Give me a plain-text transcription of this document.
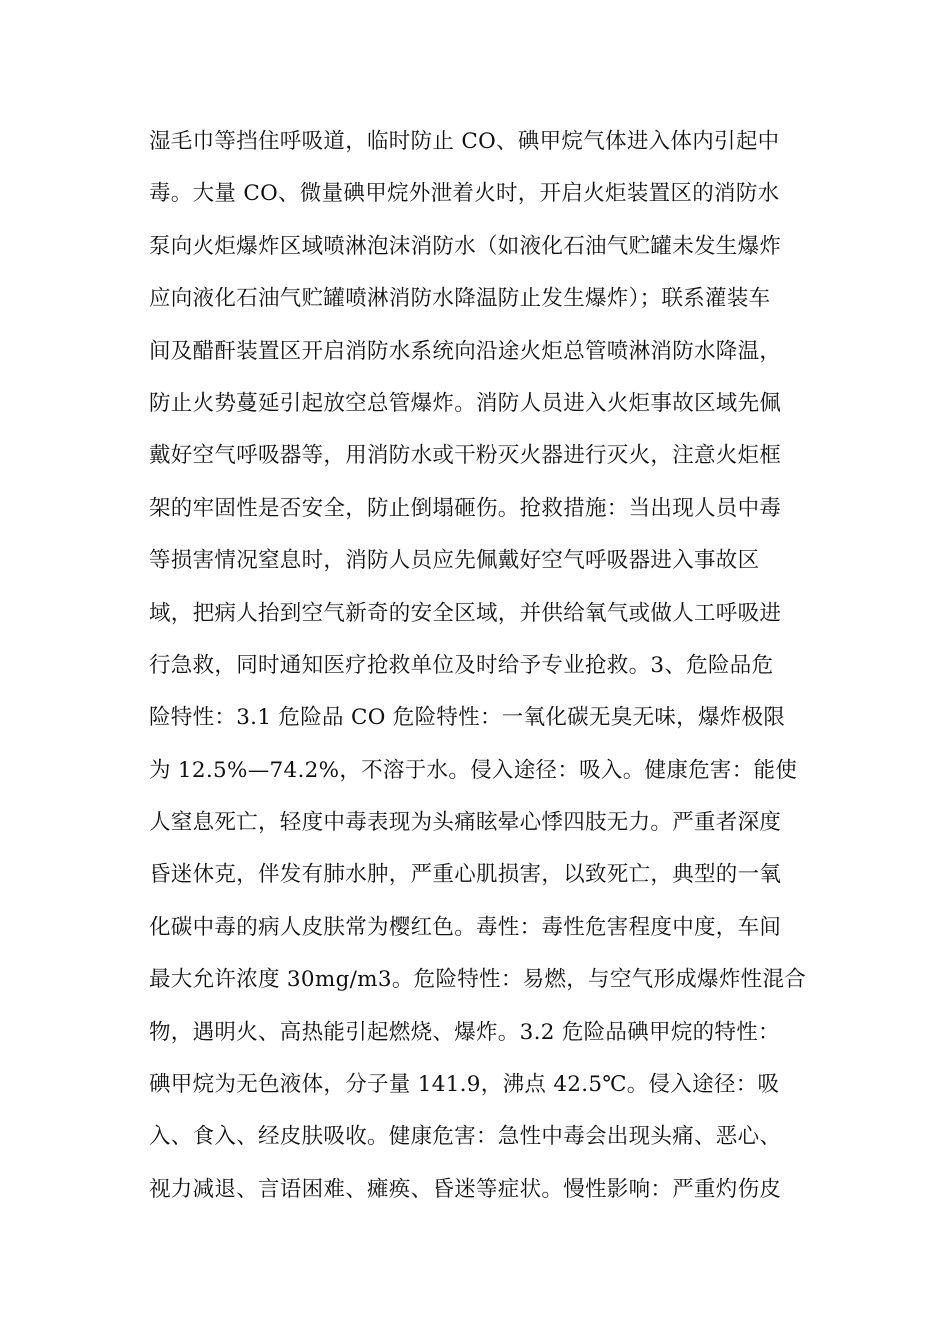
湿毛巾等挡住呼吸道，临时防止 CO、碘甲烷气体进入体内引起中
毒。大量 CO、微量碘甲烷外泄着火时，开启火炬装置区的消防水
泵向火炬爆炸区域喷淋泡沫消防水（如液化石油气贮罐未发生爆炸
应向液化石油气贮罐喷淋消防水降温防止发生爆炸）；联系灌装车
间及醋酐装置区开启消防水系统向沿途火炬总管喷淋消防水降温，
防止火势蔓延引起放空总管爆炸。消防人员进入火炬事故区域先佩
戴好空气呼吸器等，用消防水或干粉灭火器进行灭火，注意火炬框
架的牢固性是否安全，防止倒塌砸伤。抢救措施：当出现人员中毒
等损害情况窒息时，消防人员应先佩戴好空气呼吸器进入事故区
域，把病人抬到空气新奇的安全区域，并供给氧气或做人工呼吸进
行急救，同时通知医疗抢救单位及时给予专业抢救。3、危险品危
险特性：3.1 危险品 CO 危险特性：一氧化碳无臭无味，爆炸极限
为 12.5%—74.2%，不溶于水。侵入途径：吸入。健康危害：能使
人窒息死亡，轻度中毒表现为头痛眩晕心悸四肢无力。严重者深度
昏迷休克，伴发有肺水肿，严重心肌损害，以致死亡，典型的一氧
化碳中毒的病人皮肤常为樱红色。毒性：毒性危害程度中度，车间
最大允许浓度 30mg/m3。危险特性：易燃，与空气形成爆炸性混合
物，遇明火、高热能引起燃烧、爆炸。3.2 危险品碘甲烷的特性：
碘甲烷为无色液体，分子量 141.9，沸点 42.5℃。侵入途径：吸
入、食入、经皮肤吸收。健康危害：急性中毒会出现头痛、恶心、
视力减退、言语困难、瘫痪、昏迷等症状。慢性影响：严重灼伤皮
